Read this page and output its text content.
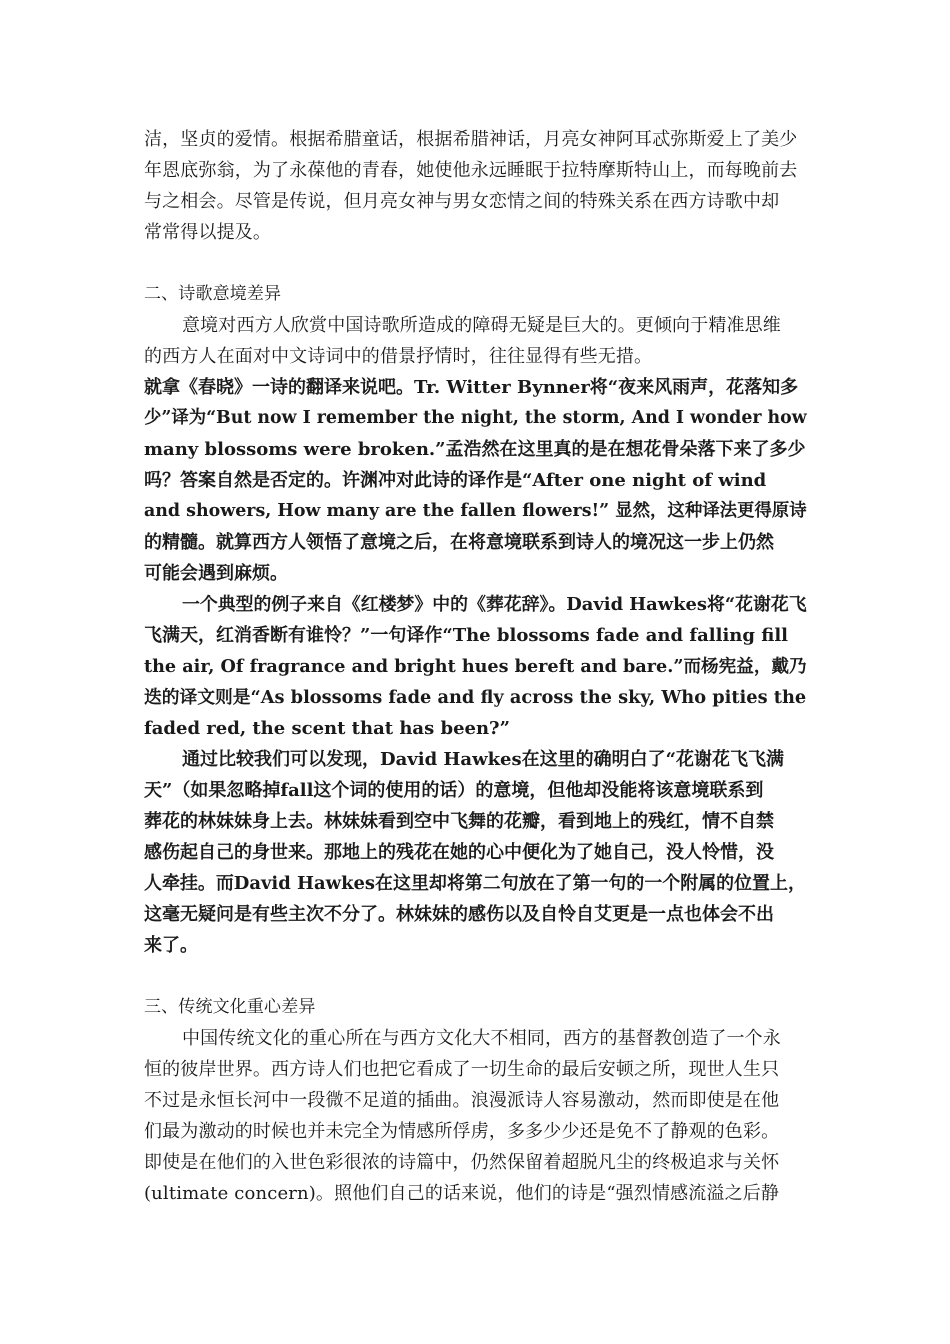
洁，坚贞的爱情。根据希腊童话，根据希腊神话，月亮女神阿耳忒弥斯爱上了美少
年恩底弥翁，为了永葆他的青春，她使他永远睡眠于拉特摩斯特山上，而每晚前去
与之相会。尽管是传说，但月亮女神与男女恋情之间的特殊关系在西方诗歌中却
常常得以提及。
二、诗歌意境差异
意境对西方人欣赏中国诗歌所造成的障碍无疑是巨大的。更倾向于精准思维
的西方人在面对中文诗词中的借景抒情时，往往显得有些无措。
就拿《春晓》一诗的翻译来说吧。Tr. Witter Bynner将“夜来风雨声，花落知多
少”译为“But now I remember the night, the storm, And I wonder how
many blossoms were broken.”孟浩然在这里真的是在想花骨朵落下来了多少
吗？答案自然是否定的。许渊冲对此诗的译作是“After one night of wind
and showers, How many are the fallen flowers!” 显然，这种译法更得原诗
的精髓。就算西方人领悟了意境之后，在将意境联系到诗人的境况这一步上仍然
可能会遇到麻烦。
一个典型的例子来自《红楼梦》中的《葬花辞》。David Hawkes将“花谢花飞
飞满天，红消香断有谁怜？”一句译作“The blossoms fade and falling fill
the air, Of fragrance and bright hues bereft and bare.”而杨宪益，戴乃
迭的译文则是“As blossoms fade and fly across the sky, Who pities the
faded red, the scent that has been?”
通过比较我们可以发现，David Hawkes在这里的确明白了“花谢花飞飞满
天”（如果忽略掉fall这个词的使用的话）的意境，但他却没能将该意境联系到
葬花的林妹妹身上去。林妹妹看到空中飞舞的花瓣，看到地上的残红，情不自禁
感伤起自己的身世来。那地上的残花在她的心中便化为了她自己，没人怜惜，没
人牵挂。而David Hawkes在这里却将第二句放在了第一句的一个附属的位置上，
这毫无疑问是有些主次不分了。林妹妹的感伤以及自怜自艾更是一点也体会不出
来了。
三、传统文化重心差异
中国传统文化的重心所在与西方文化大不相同，西方的基督教创造了一个永
恒的彼岸世界。西方诗人们也把它看成了一切生命的最后安顿之所，现世人生只
不过是永恒长河中一段微不足道的插曲。浪漫派诗人容易激动，然而即使是在他
们最为激动的时候也并未完全为情感所俘虏，多多少少还是免不了静观的色彩。
即使是在他们的入世色彩很浓的诗篇中，仍然保留着超脱凡尘的终极追求与关怀
(ultimate concern)。照他们自己的话来说，他们的诗是“强烈情感流溢之后静
